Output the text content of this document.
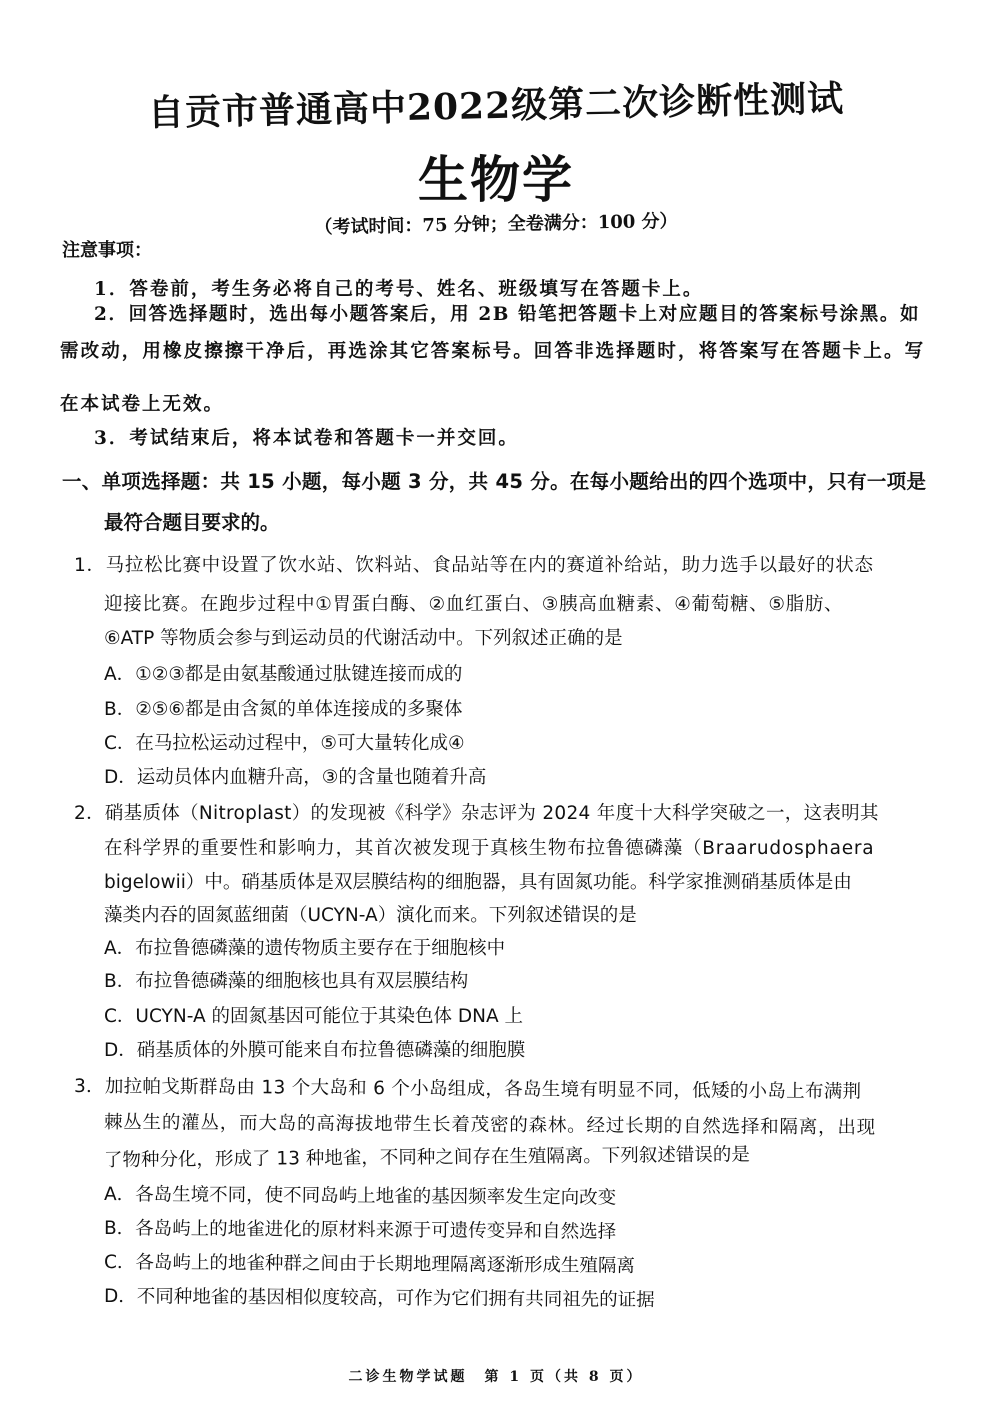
自贡市普通高中2022级第二次诊断性测试
生物学
（考试时间：75 分钟；全卷满分：100 分）
注意事项：
1．答卷前，考生务必将自己的考号、姓名、班级填写在答题卡上。
2．回答选择题时，选出每小题答案后，用 2B 铅笔把答题卡上对应题目的答案标号涂黑。如
需改动，用橡皮擦擦干净后，再选涂其它答案标号。回答非选择题时，将答案写在答题卡上。写
在本试卷上无效。
3．考试结束后，将本试卷和答题卡一并交回。
一、单项选择题：共 15 小题，每小题 3 分，共 45 分。在每小题给出的四个选项中，只有一项是
最符合题目要求的。
1．马拉松比赛中设置了饮水站、饮料站、食品站等在内的赛道补给站，助力选手以最好的状态
迎接比赛。在跑步过程中①胃蛋白酶、②血红蛋白、③胰高血糖素、④葡萄糖、⑤脂肪、
⑥ATP 等物质会参与到运动员的代谢活动中。下列叙述正确的是
A．①②③都是由氨基酸通过肽键连接而成的
B．②⑤⑥都是由含氮的单体连接成的多聚体
C．在马拉松运动过程中，⑤可大量转化成④
D．运动员体内血糖升高，③的含量也随着升高
2．硝基质体（Nitroplast）的发现被《科学》杂志评为 2024 年度十大科学突破之一，这表明其
在科学界的重要性和影响力，其首次被发现于真核生物布拉鲁德磷藻（Braarudosphaera
bigelowii）中。硝基质体是双层膜结构的细胞器，具有固氮功能。科学家推测硝基质体是由
藻类内吞的固氮蓝细菌（UCYN-A）演化而来。下列叙述错误的是
A．布拉鲁德磷藻的遗传物质主要存在于细胞核中
B．布拉鲁德磷藻的细胞核也具有双层膜结构
C．UCYN-A 的固氮基因可能位于其染色体 DNA 上
D．硝基质体的外膜可能来自布拉鲁德磷藻的细胞膜
3．加拉帕戈斯群岛由 13 个大岛和 6 个小岛组成，各岛生境有明显不同，低矮的小岛上布满荆
棘丛生的灌丛，而大岛的高海拔地带生长着茂密的森林。经过长期的自然选择和隔离，出现
了物种分化，形成了 13 种地雀，不同种之间存在生殖隔离。下列叙述错误的是
A．各岛生境不同，使不同岛屿上地雀的基因频率发生定向改变
B．各岛屿上的地雀进化的原材料来源于可遗传变异和自然选择
C．各岛屿上的地雀种群之间由于长期地理隔离逐渐形成生殖隔离
D．不同种地雀的基因相似度较高，可作为它们拥有共同祖先的证据
二诊生物学试题　第 1 页（共 8 页）
